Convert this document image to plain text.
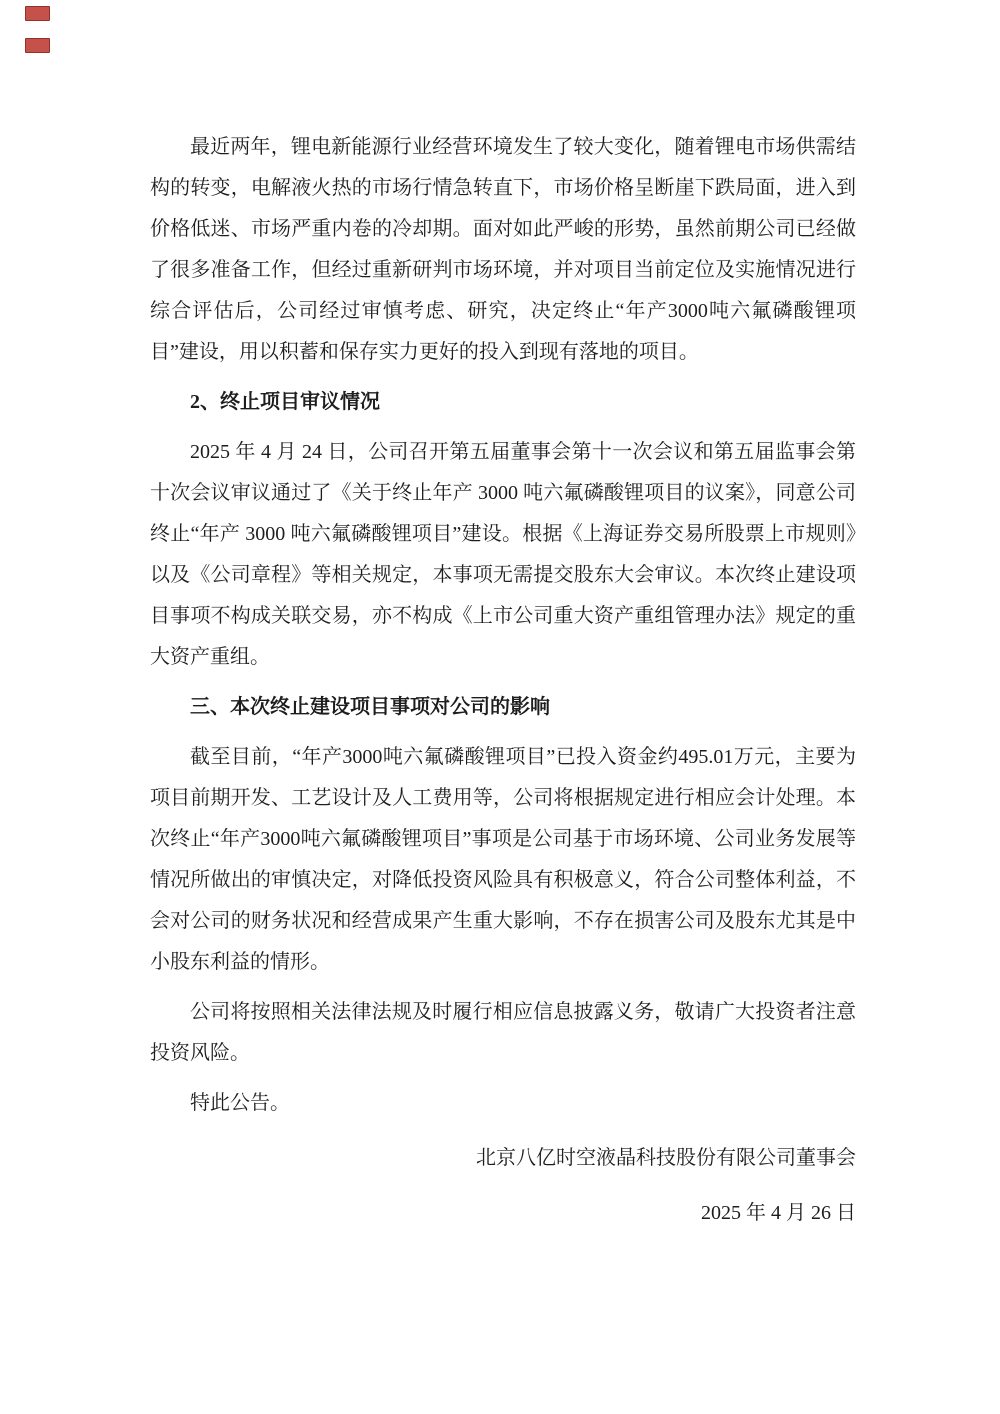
最近两年，锂电新能源行业经营环境发生了较大变化，随着锂电市场供需结构的转变，电解液火热的市场行情急转直下，市场价格呈断崖下跌局面，进入到价格低迷、市场严重内卷的冷却期。面对如此严峻的形势，虽然前期公司已经做了很多准备工作，但经过重新研判市场环境，并对项目当前定位及实施情况进行综合评估后，公司经过审慎考虑、研究，决定终止“年产3000吨六氟磷酸锂项目”建设，用以积蓄和保存实力更好的投入到现有落地的项目。
2、终止项目审议情况
2025 年 4 月 24 日，公司召开第五届董事会第十一次会议和第五届监事会第十次会议审议通过了《关于终止年产 3000 吨六氟磷酸锂项目的议案》，同意公司终止“年产 3000 吨六氟磷酸锂项目”建设。根据《上海证券交易所股票上市规则》以及《公司章程》等相关规定，本事项无需提交股东大会审议。本次终止建设项目事项不构成关联交易，亦不构成《上市公司重大资产重组管理办法》规定的重大资产重组。
三、本次终止建设项目事项对公司的影响
截至目前，“年产3000吨六氟磷酸锂项目”已投入资金约495.01万元，主要为项目前期开发、工艺设计及人工费用等，公司将根据规定进行相应会计处理。本次终止“年产3000吨六氟磷酸锂项目”事项是公司基于市场环境、公司业务发展等情况所做出的审慎决定，对降低投资风险具有积极意义，符合公司整体利益，不会对公司的财务状况和经营成果产生重大影响，不存在损害公司及股东尤其是中小股东利益的情形。
公司将按照相关法律法规及时履行相应信息披露义务，敬请广大投资者注意投资风险。
特此公告。
北京八亿时空液晶科技股份有限公司董事会
2025 年 4 月 26 日
